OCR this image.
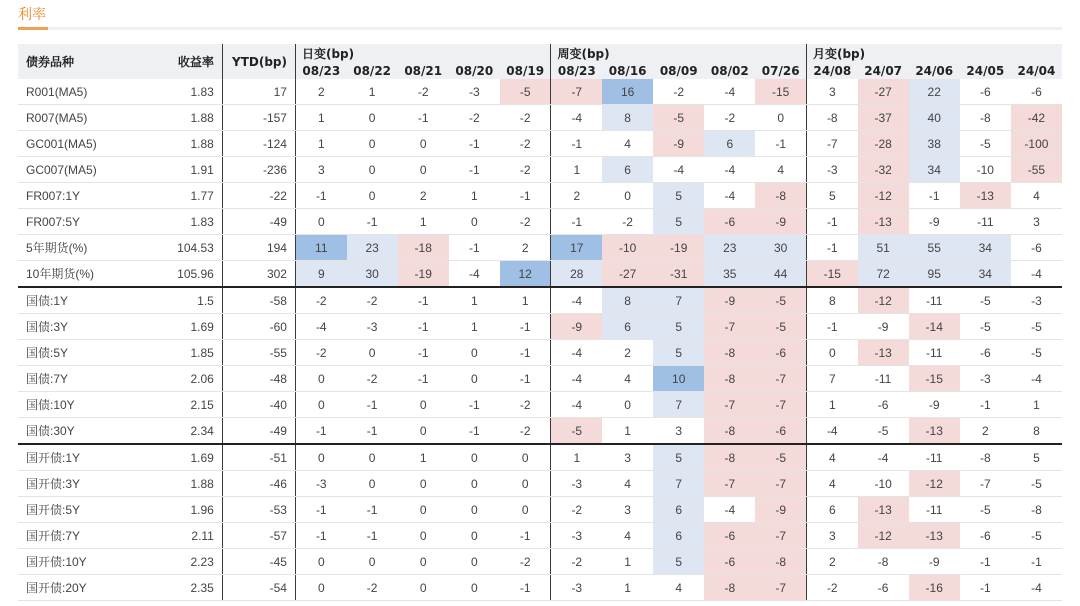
利率
债券品种	收益率	YTD(bp)	日变(bp)					周变(bp)					月变(bp)				
			08/23	08/22	08/21	08/20	08/19	08/23	08/16	08/09	08/02	07/26	24/08	24/07	24/06	24/05	24/04
R001(MA5)	1.83	17	2	1	-2	-3	-5	-7	16	-2	-4	-15	3	-27	22	-6	-6
R007(MA5)	1.88	-157	1	0	-1	-2	-2	-4	8	-5	-2	0	-8	-37	40	-8	-42
GC001(MA5)	1.88	-124	1	0	0	-1	-2	-1	4	-9	6	-1	-7	-28	38	-5	-100
GC007(MA5)	1.91	-236	3	0	0	-1	-2	1	6	-4	-4	4	-3	-32	34	-10	-55
FR007:1Y	1.77	-22	-1	0	2	1	-1	2	0	5	-4	-8	5	-12	-1	-13	4
FR007:5Y	1.83	-49	0	-1	1	0	-2	-1	-2	5	-6	-9	-1	-13	-9	-11	3
5年期货(%)	104.53	194	11	23	-18	-1	2	17	-10	-19	23	30	-1	51	55	34	-6
10年期货(%)	105.96	302	9	30	-19	-4	12	28	-27	-31	35	44	-15	72	95	34	-4
国债:1Y	1.5	-58	-2	-2	-1	1	1	-4	8	7	-9	-5	8	-12	-11	-5	-3
国债:3Y	1.69	-60	-4	-3	-1	1	-1	-9	6	5	-7	-5	-1	-9	-14	-5	-5
国债:5Y	1.85	-55	-2	0	-1	0	-1	-4	2	5	-8	-6	0	-13	-11	-6	-5
国债:7Y	2.06	-48	0	-2	-1	0	-1	-4	4	10	-8	-7	7	-11	-15	-3	-4
国债:10Y	2.15	-40	0	-1	0	-1	-2	-4	0	7	-7	-7	1	-6	-9	-1	1
国债:30Y	2.34	-49	-1	-1	0	-1	-2	-5	1	3	-8	-6	-4	-5	-13	2	8
国开债:1Y	1.69	-51	0	0	1	0	0	1	3	5	-8	-5	4	-4	-11	-8	5
国开债:3Y	1.88	-46	-3	0	0	0	0	-3	4	7	-7	-7	4	-10	-12	-7	-5
国开债:5Y	1.96	-53	-1	-1	0	0	0	-2	3	6	-4	-9	6	-13	-11	-5	-8
国开债:7Y	2.11	-57	-1	-1	0	0	-1	-3	4	6	-6	-7	3	-12	-13	-6	-5
国开债:10Y	2.23	-45	0	0	0	0	-2	-2	1	5	-6	-8	2	-8	-9	-1	-1
国开债:20Y	2.35	-54	0	-2	0	0	-1	-3	1	4	-8	-7	-2	-6	-16	-1	-4
